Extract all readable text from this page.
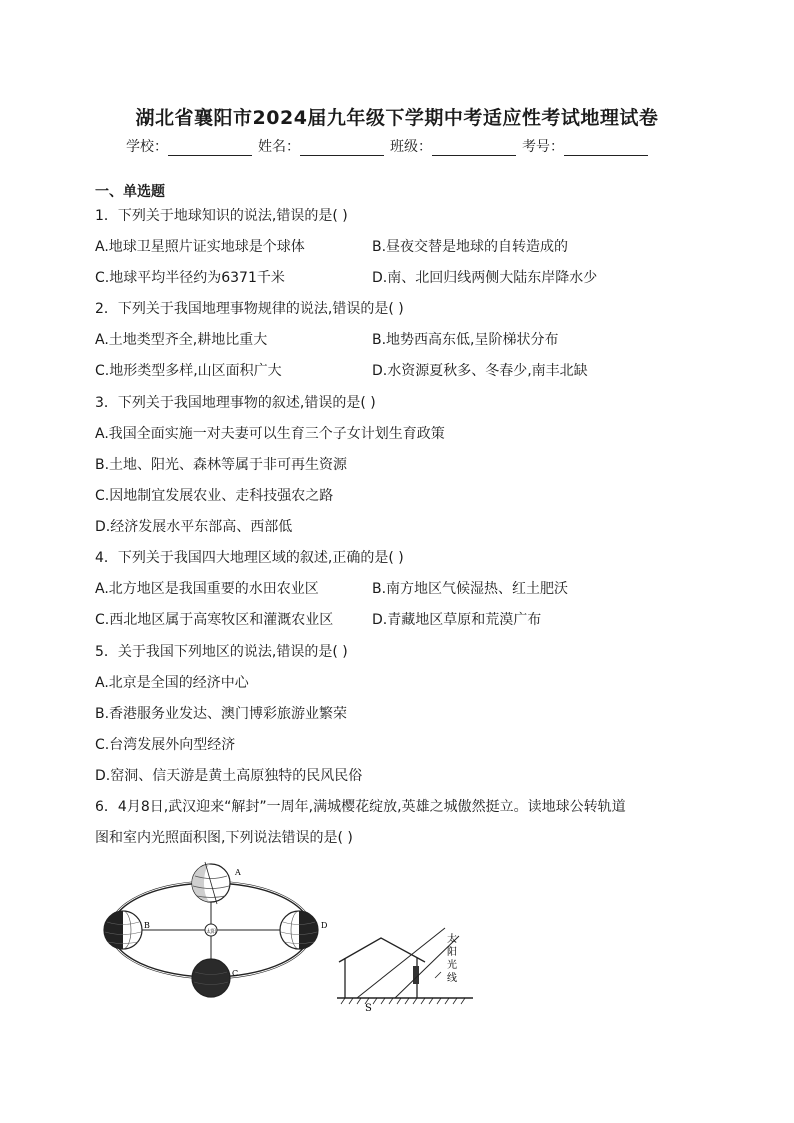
湖北省襄阳市2024届九年级下学期中考适应性考试地理试卷
学校：	姓名：	班级：	考号：
一、单选题
1．下列关于地球知识的说法,错误的是( )
A.地球卫星照片证实地球是个球体	B.昼夜交替是地球的自转造成的
C.地球平均半径约为6371千米	D.南、北回归线两侧大陆东岸降水少
2．下列关于我国地理事物规律的说法,错误的是( )
A.土地类型齐全,耕地比重大	B.地势西高东低,呈阶梯状分布
C.地形类型多样,山区面积广大	D.水资源夏秋多、冬春少,南丰北缺
3．下列关于我国地理事物的叙述,错误的是( )
A.我国全面实施一对夫妻可以生育三个子女计划生育政策
B.土地、阳光、森林等属于非可再生资源
C.因地制宜发展农业、走科技强农之路
D.经济发展水平东部高、西部低
4．下列关于我国四大地理区域的叙述,正确的是( )
A.北方地区是我国重要的水田农业区	B.南方地区气候湿热、红土肥沃
C.西北地区属于高寒牧区和灌溉农业区	D.青藏地区草原和荒漠广布
5．关于我国下列地区的说法,错误的是( )
A.北京是全国的经济中心
B.香港服务业发达、澳门博彩旅游业繁荣
C.台湾发展外向型经济
D.窑洞、信天游是黄土高原独特的民风民俗
6．4月8日,武汉迎来“解封”一周年,满城樱花绽放,英雄之城傲然挺立。读地球公转轨道
图和室内光照面积图,下列说法错误的是( )
太阳
A
B
C
D
S
太
阳
光
线
